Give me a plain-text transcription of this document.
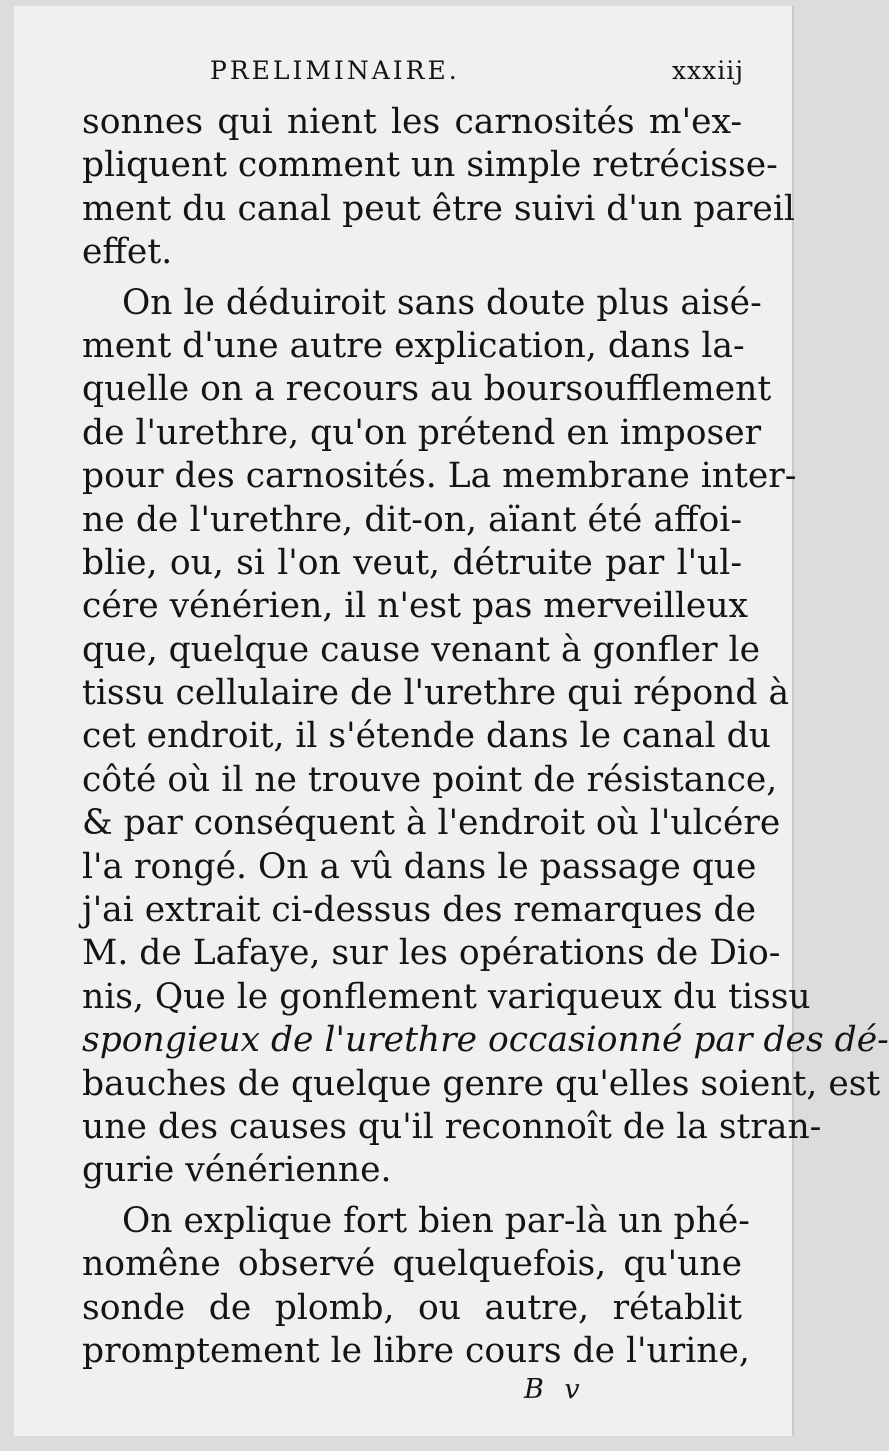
PRELIMINAIRE.	xxxiij
sonnes qui nient les carnosités m'ex-
pliquent comment un simple retrécisse-
ment du canal peut être suivi d'un pareil
effet.
On le déduiroit sans doute plus aisé-
ment d'une autre explication, dans la-
quelle on a recours au boursoufflement
de l'urethre, qu'on prétend en imposer
pour des carnosités. La membrane inter-
ne de l'urethre, dit-on, aïant été affoi-
blie, ou, si l'on veut, détruite par l'ul-
cére vénérien, il n'est pas merveilleux
que, quelque cause venant à gonfler le
tissu cellulaire de l'urethre qui répond à
cet endroit, il s'étende dans le canal du
côté où il ne trouve point de résistance,
& par conséquent à l'endroit où l'ulcére
l'a rongé. On a vû dans le passage que
j'ai extrait ci-dessus des remarques de
M. de Lafaye, sur les opérations de Dio-
nis, Que le gonflement variqueux du tissu
spongieux de l'urethre occasionné par des dé-
bauches de quelque genre qu'elles soient, est
une des causes qu'il reconnoît de la stran-
gurie vénérienne.
On explique fort bien par-là un phé-
nomêne observé quelquefois, qu'une
sonde de plomb, ou autre, rétablit
promptement le libre cours de l'urine,
B v
